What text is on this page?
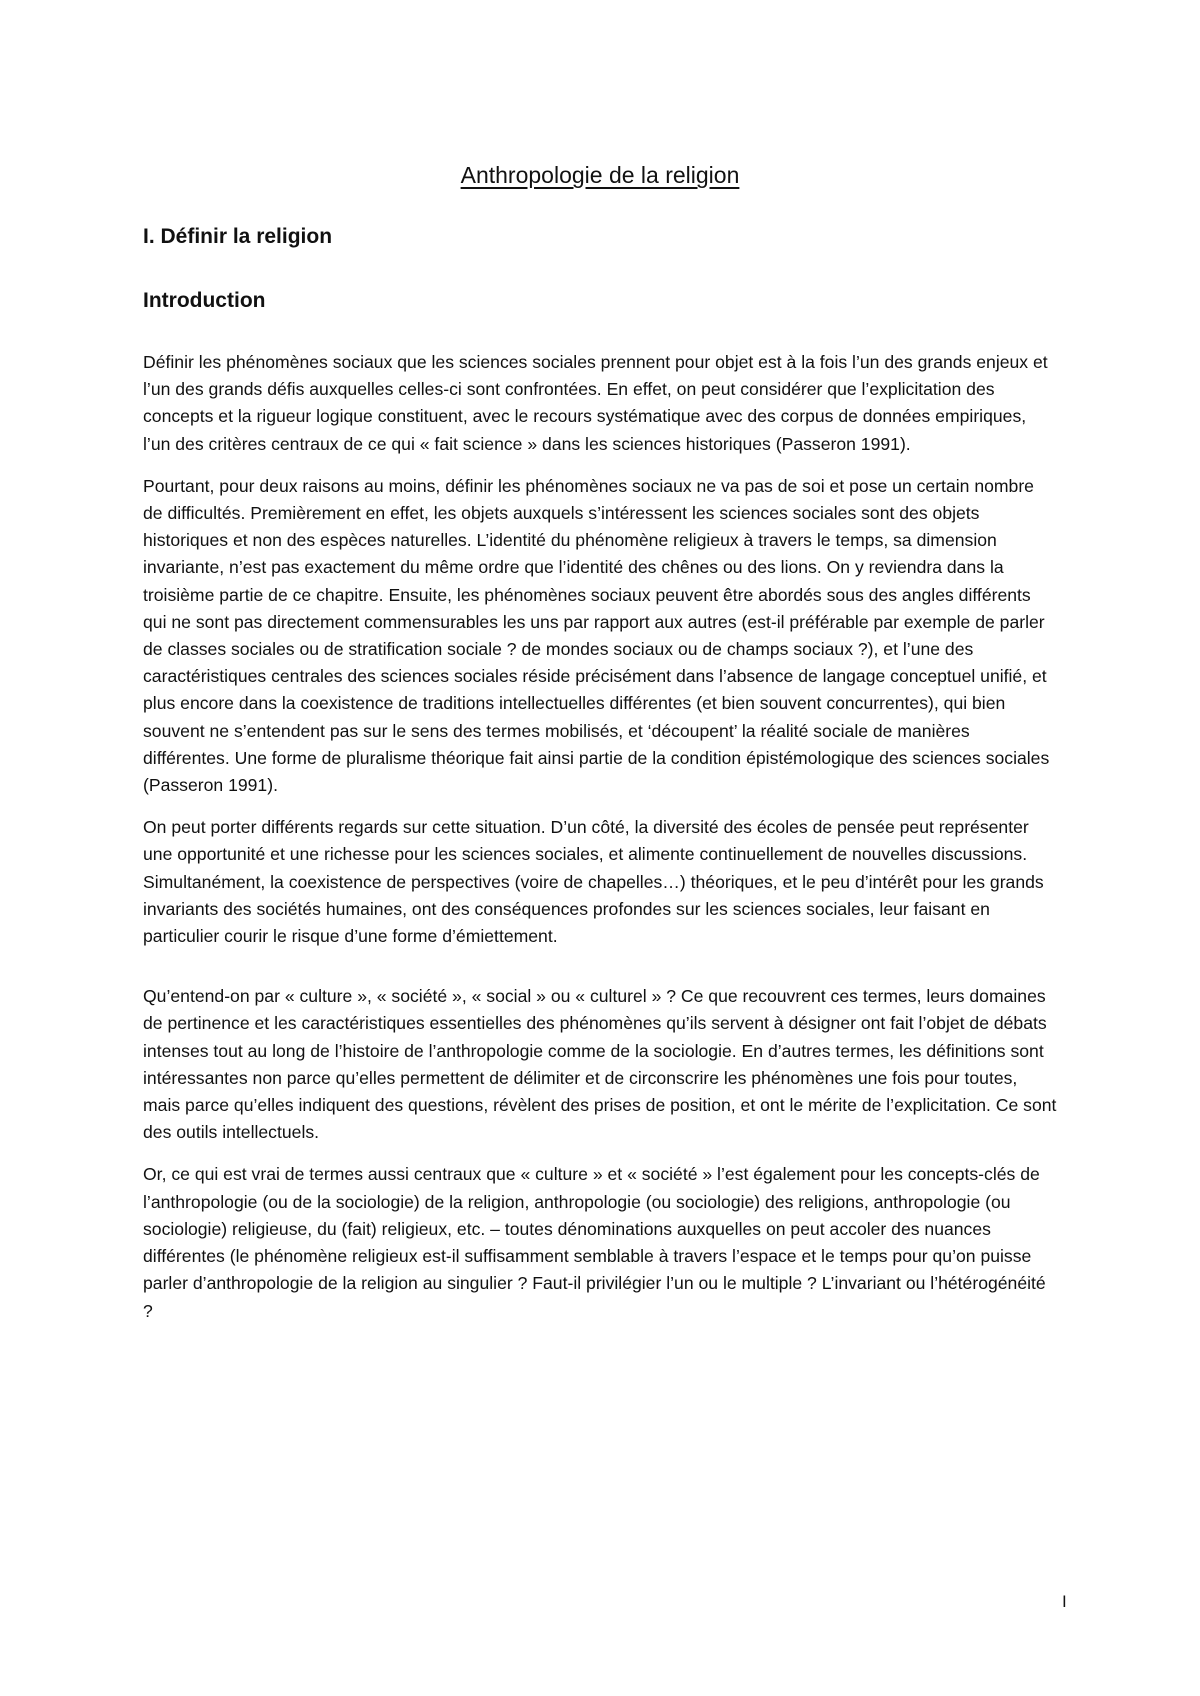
Anthropologie de la religion
I. Définir la religion
Introduction

Définir les phénomènes sociaux que les sciences sociales prennent pour objet est à la fois l’un des grands enjeux et l’un des grands défis auxquelles celles-ci sont confrontées. En effet, on peut considérer que l’explicitation des concepts et la rigueur logique constituent, avec le recours systématique avec des corpus de données empiriques, l’un des critères centraux de ce qui « fait science » dans les sciences historiques (Passeron 1991).

Pourtant, pour deux raisons au moins, définir les phénomènes sociaux ne va pas de soi et pose un certain nombre de difficultés. Premièrement en effet, les objets auxquels s’intéressent les sciences sociales sont des objets historiques et non des espèces naturelles. L’identité du phénomène religieux à travers le temps, sa dimension invariante, n’est pas exactement du même ordre que l’identité des chênes ou des lions. On y reviendra dans la troisième partie de ce chapitre. Ensuite, les phénomènes sociaux peuvent être abordés sous des angles différents qui ne sont pas directement commensurables les uns par rapport aux autres (est-il préférable par exemple de parler de classes sociales ou de stratification sociale ? de mondes sociaux ou de champs sociaux ?), et l’une des caractéristiques centrales des sciences sociales réside précisément dans l’absence de langage conceptuel unifié, et plus encore dans la coexistence de traditions intellectuelles différentes (et bien souvent concurrentes), qui bien souvent ne s’entendent pas sur le sens des termes mobilisés, et ‘découpent’ la réalité sociale de manières différentes. Une forme de pluralisme théorique fait ainsi partie de la condition épistémologique des sciences sociales (Passeron 1991).

On peut porter différents regards sur cette situation. D’un côté, la diversité des écoles de pensée peut représenter une opportunité et une richesse pour les sciences sociales, et alimente continuellement de nouvelles discussions. Simultanément, la coexistence de perspectives (voire de chapelles…) théoriques, et le peu d’intérêt pour les grands invariants des sociétés humaines, ont des conséquences profondes sur les sciences sociales, leur faisant en particulier courir le risque d’une forme d’émiettement.

Qu’entend-on par « culture », « société », « social » ou « culturel » ? Ce que recouvrent ces termes, leurs domaines de pertinence et les caractéristiques essentielles des phénomènes qu’ils servent à désigner ont fait l’objet de débats intenses tout au long de l’histoire de l’anthropologie comme de la sociologie. En d’autres termes, les définitions sont intéressantes non parce qu’elles permettent de délimiter et de circonscrire les phénomènes une fois pour toutes, mais parce qu’elles indiquent des questions, révèlent des prises de position, et ont le mérite de l’explicitation. Ce sont des outils intellectuels.

Or, ce qui est vrai de termes aussi centraux que « culture » et « société » l’est également pour les concepts-clés de l’anthropologie (ou de la sociologie) de la religion, anthropologie (ou sociologie) des religions, anthropologie (ou sociologie) religieuse, du (fait) religieux, etc. – toutes dénominations auxquelles on peut accoler des nuances différentes (le phénomène religieux est-il suffisamment semblable à travers l’espace et le temps pour qu’on puisse parler d’anthropologie de la religion au singulier ? Faut-il privilégier l’un ou le multiple ? L’invariant ou l’hétérogénéité ?

I
